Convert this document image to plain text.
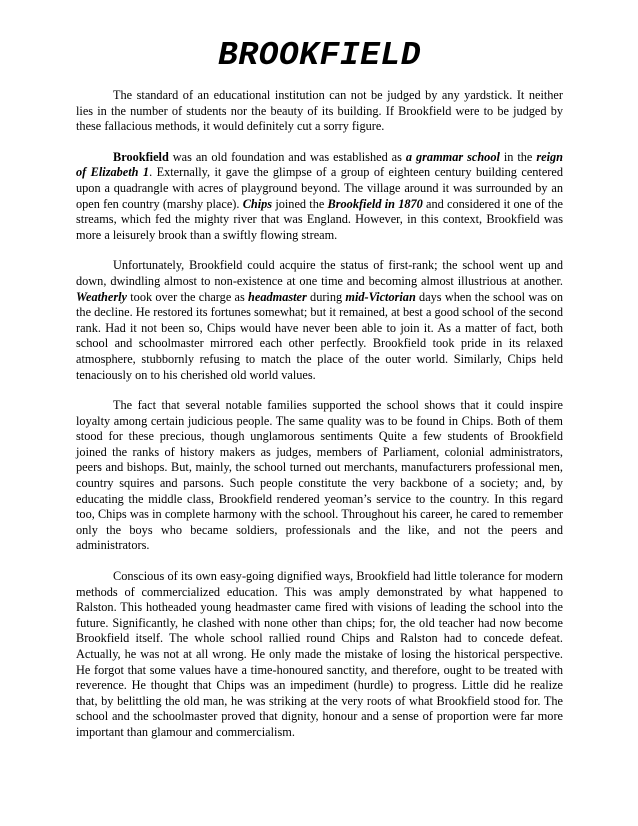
BROOKFIELD

The standard of an educational institution can not be judged by any yardstick. It neither lies in the number of students nor the beauty of its building. If Brookfield were to be judged by these fallacious methods, it would definitely cut a sorry figure.

Brookfield was an old foundation and was established as a grammar school in the reign of Elizabeth 1. Externally, it gave the glimpse of a group of eighteen century building centered upon a quadrangle with acres of playground beyond. The village around it was surrounded by an open fen country (marshy place). Chips joined the Brookfield in 1870 and considered it one of the streams, which fed the mighty river that was England. However, in this context, Brookfield was more a leisurely brook than a swiftly flowing stream.

Unfortunately, Brookfield could acquire the status of first-rank; the school went up and down, dwindling almost to non-existence at one time and becoming almost illustrious at another. Weatherly took over the charge as headmaster during mid-Victorian days when the school was on the decline. He restored its fortunes somewhat; but it remained, at best a good school of the second rank. Had it not been so, Chips would have never been able to join it. As a matter of fact, both school and schoolmaster mirrored each other perfectly. Brookfield took pride in its relaxed atmosphere, stubbornly refusing to match the place of the outer world. Similarly, Chips held tenaciously on to his cherished old world values.

The fact that several notable families supported the school shows that it could inspire loyalty among certain judicious people. The same quality was to be found in Chips. Both of them stood for these precious, though unglamorous sentiments Quite a few students of Brookfield joined the ranks of history makers as judges, members of Parliament, colonial administrators, peers and bishops. But, mainly, the school turned out merchants, manufacturers professional men, country squires and parsons. Such people constitute the very backbone of a society; and, by educating the middle class, Brookfield rendered yeoman’s service to the country. In this regard too, Chips was in complete harmony with the school. Throughout his career, he cared to remember only the boys who became soldiers, professionals and the like, and not the peers and administrators.

Conscious of its own easy-going dignified ways, Brookfield had little tolerance for modern methods of commercialized education. This was amply demonstrated by what happened to Ralston. This hotheaded young headmaster came fired with visions of leading the school into the future. Significantly, he clashed with none other than chips; for, the old teacher had now become Brookfield itself. The whole school rallied round Chips and Ralston had to concede defeat. Actually, he was not at all wrong. He only made the mistake of losing the historical perspective. He forgot that some values have a time-honoured sanctity, and therefore, ought to be treated with reverence. He thought that Chips was an impediment (hurdle) to progress. Little did he realize that, by belittling the old man, he was striking at the very roots of what Brookfield stood for. The school and the schoolmaster proved that dignity, honour and a sense of proportion were far more important than glamour and commercialism.
